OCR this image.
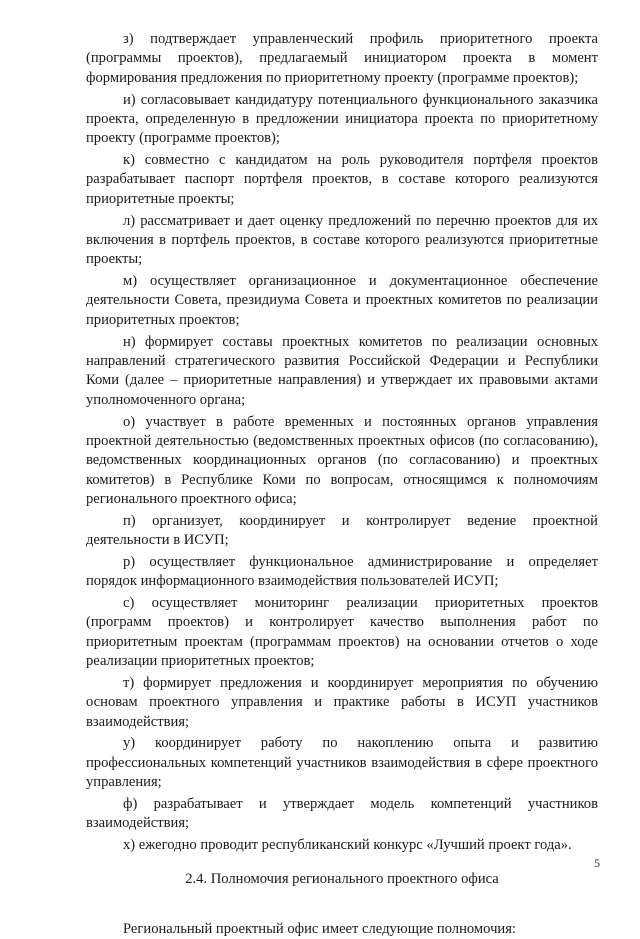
з) подтверждает управленческий профиль приоритетного проекта (программы проектов), предлагаемый инициатором проекта в момент формирования предложения по приоритетному проекту (программе проектов);

и) согласовывает кандидатуру потенциального функционального заказчика проекта, определенную в предложении инициатора проекта по приоритетному проекту (программе проектов);

к) совместно с кандидатом на роль руководителя портфеля проектов разрабатывает паспорт портфеля проектов, в составе которого реализуются приоритетные проекты;

л) рассматривает и дает оценку предложений по перечню проектов для их включения в портфель проектов, в составе которого реализуются приоритетные проекты;

м) осуществляет организационное и документационное обеспечение деятельности Совета, президиума Совета и проектных комитетов по реализации приоритетных проектов;

н) формирует составы проектных комитетов по реализации основных направлений стратегического развития Российской Федерации и Республики Коми (далее – приоритетные направления) и утверждает их правовыми актами уполномоченного органа;

о) участвует в работе временных и постоянных органов управления проектной деятельностью (ведомственных проектных офисов (по согласованию), ведомственных координационных органов (по согласованию) и проектных комитетов) в Республике Коми по вопросам, относящимся к полномочиям регионального проектного офиса;

п) организует, координирует и контролирует ведение проектной деятельности в ИСУП;

р) осуществляет функциональное администрирование и определяет порядок информационного взаимодействия пользователей ИСУП;

с) осуществляет мониторинг реализации приоритетных проектов (программ проектов) и контролирует качество выполнения работ по приоритетным проектам (программам проектов) на основании отчетов о ходе реализации приоритетных проектов;

т) формирует предложения и координирует мероприятия по обучению основам проектного управления и практике работы в ИСУП участников взаимодействия;

у) координирует работу по накоплению опыта и развитию профессиональных компетенций участников взаимодействия в сфере проектного управления;

ф) разрабатывает и утверждает модель компетенций участников взаимодействия;

х) ежегодно проводит республиканский конкурс «Лучший проект года».

2.4. Полномочия регионального проектного офиса

Региональный проектный офис имеет следующие полномочия:

5
